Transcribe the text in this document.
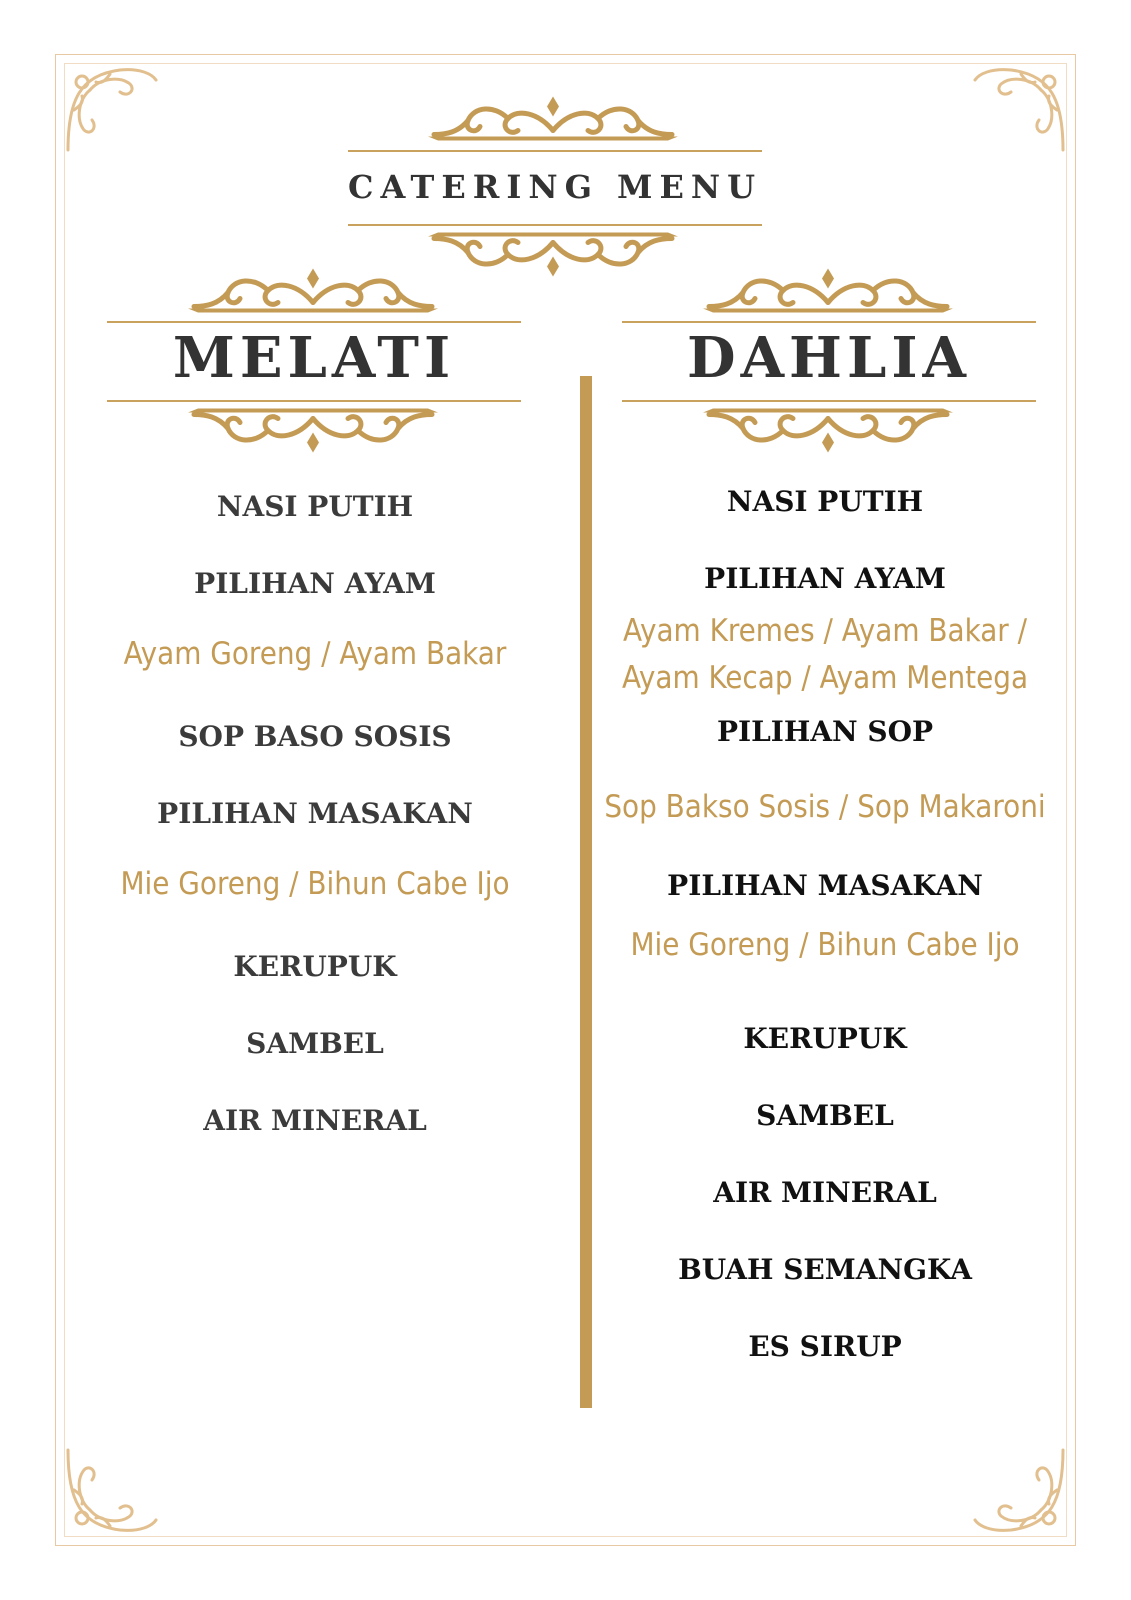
CATERING MENU
MELATI	DAHLIA
NASI PUTIH
PILIHAN AYAM
Ayam Goreng / Ayam Bakar
SOP BASO SOSIS
PILIHAN MASAKAN
Mie Goreng / Bihun Cabe Ijo
KERUPUK
SAMBEL
AIR MINERAL
NASI PUTIH
PILIHAN AYAM
Ayam Kremes / Ayam Bakar /
Ayam Kecap / Ayam Mentega
PILIHAN SOP
Sop Bakso Sosis / Sop Makaroni
PILIHAN MASAKAN
Mie Goreng / Bihun Cabe Ijo
KERUPUK
SAMBEL
AIR MINERAL
BUAH SEMANGKA
ES SIRUP
